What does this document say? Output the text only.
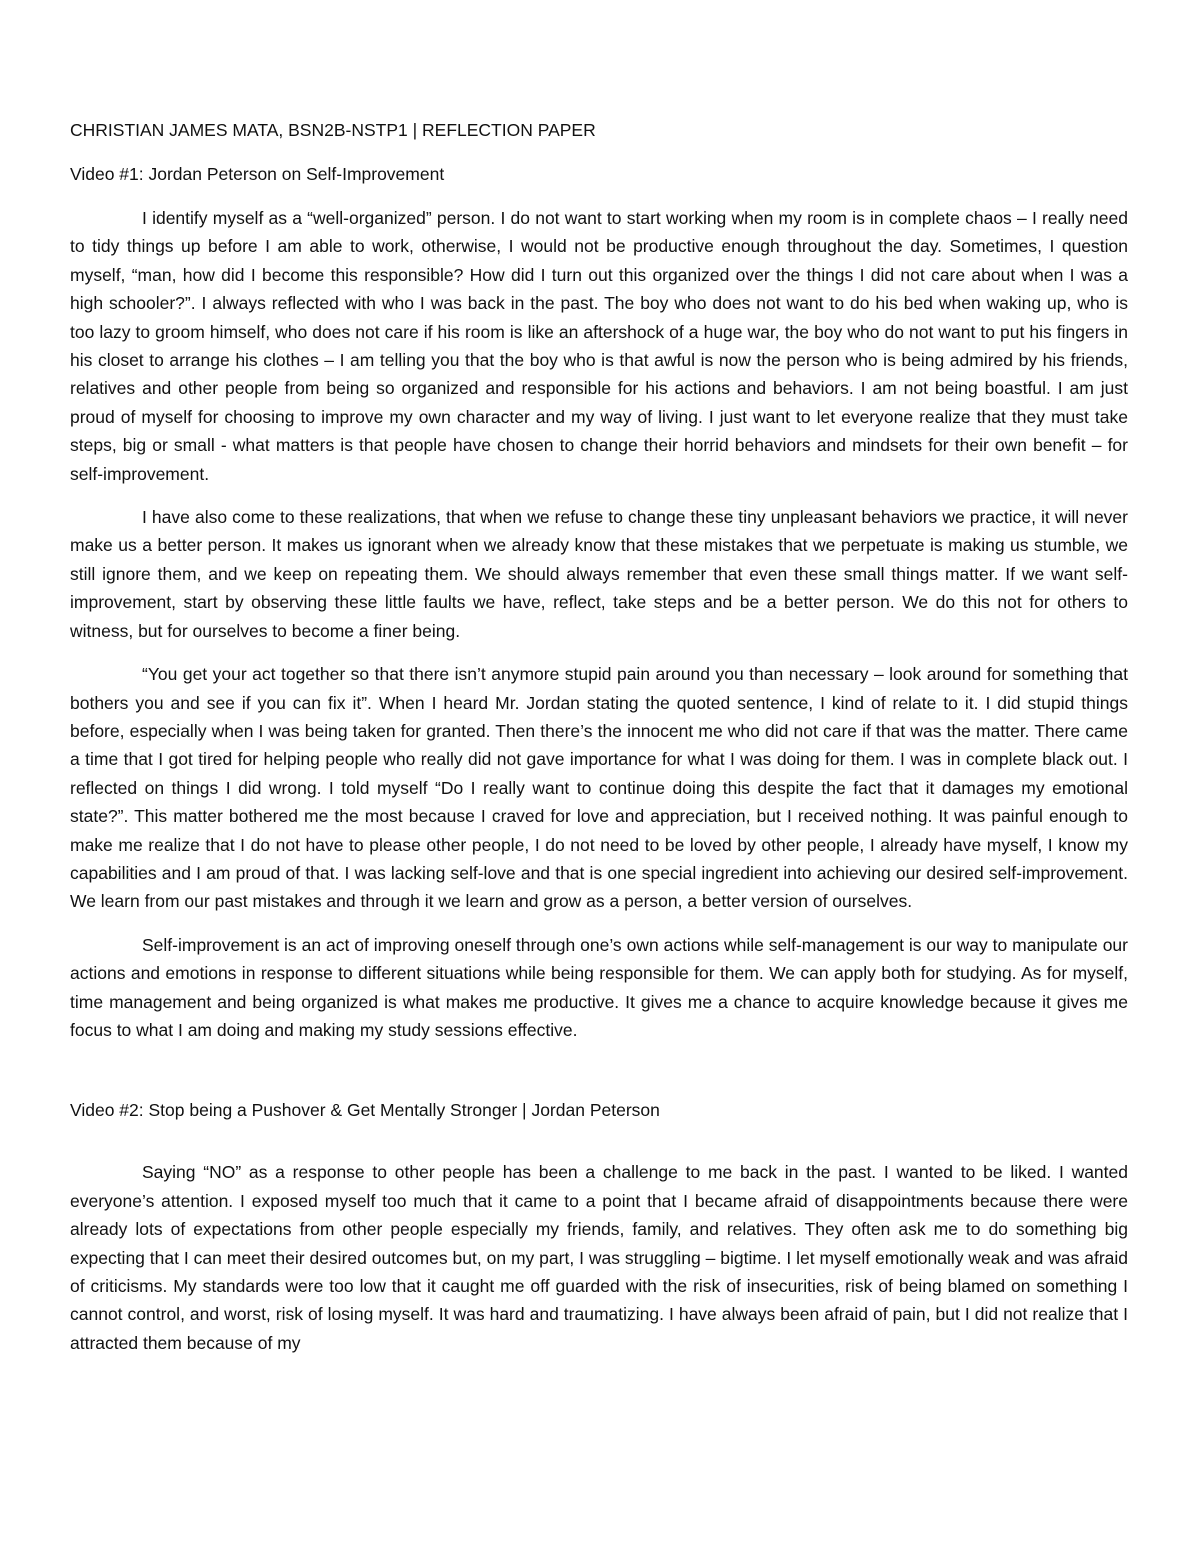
CHRISTIAN JAMES MATA, BSN2B-NSTP1 | REFLECTION PAPER
Video #1: Jordan Peterson on Self-Improvement

I identify myself as a “well-organized” person. I do not want to start working when my room is in complete chaos – I really need to tidy things up before I am able to work, otherwise, I would not be productive enough throughout the day. Sometimes, I question myself, “man, how did I become this responsible? How did I turn out this organized over the things I did not care about when I was a high schooler?”. I always reflected with who I was back in the past. The boy who does not want to do his bed when waking up, who is too lazy to groom himself, who does not care if his room is like an aftershock of a huge war, the boy who do not want to put his fingers in his closet to arrange his clothes – I am telling you that the boy who is that awful is now the person who is being admired by his friends, relatives and other people from being so organized and responsible for his actions and behaviors. I am not being boastful. I am just proud of myself for choosing to improve my own character and my way of living. I just want to let everyone realize that they must take steps, big or small - what matters is that people have chosen to change their horrid behaviors and mindsets for their own benefit – for self-improvement.

I have also come to these realizations, that when we refuse to change these tiny unpleasant behaviors we practice, it will never make us a better person. It makes us ignorant when we already know that these mistakes that we perpetuate is making us stumble, we still ignore them, and we keep on repeating them. We should always remember that even these small things matter. If we want self-improvement, start by observing these little faults we have, reflect, take steps and be a better person. We do this not for others to witness, but for ourselves to become a finer being.

“You get your act together so that there isn’t anymore stupid pain around you than necessary – look around for something that bothers you and see if you can fix it”. When I heard Mr. Jordan stating the quoted sentence, I kind of relate to it. I did stupid things before, especially when I was being taken for granted. Then there’s the innocent me who did not care if that was the matter. There came a time that I got tired for helping people who really did not gave importance for what I was doing for them. I was in complete black out. I reflected on things I did wrong. I told myself “Do I really want to continue doing this despite the fact that it damages my emotional state?”. This matter bothered me the most because I craved for love and appreciation, but I received nothing. It was painful enough to make me realize that I do not have to please other people, I do not need to be loved by other people, I already have myself, I know my capabilities and I am proud of that. I was lacking self-love and that is one special ingredient into achieving our desired self-improvement. We learn from our past mistakes and through it we learn and grow as a person, a better version of ourselves.

Self-improvement is an act of improving oneself through one’s own actions while self-management is our way to manipulate our actions and emotions in response to different situations while being responsible for them. We can apply both for studying. As for myself, time management and being organized is what makes me productive. It gives me a chance to acquire knowledge because it gives me focus to what I am doing and making my study sessions effective.

Video #2: Stop being a Pushover & Get Mentally Stronger | Jordan Peterson

Saying “NO” as a response to other people has been a challenge to me back in the past. I wanted to be liked. I wanted everyone’s attention. I exposed myself too much that it came to a point that I became afraid of disappointments because there were already lots of expectations from other people especially my friends, family, and relatives. They often ask me to do something big expecting that I can meet their desired outcomes but, on my part, I was struggling – bigtime. I let myself emotionally weak and was afraid of criticisms. My standards were too low that it caught me off guarded with the risk of insecurities, risk of being blamed on something I cannot control, and worst, risk of losing myself. It was hard and traumatizing. I have always been afraid of pain, but I did not realize that I attracted them because of my
